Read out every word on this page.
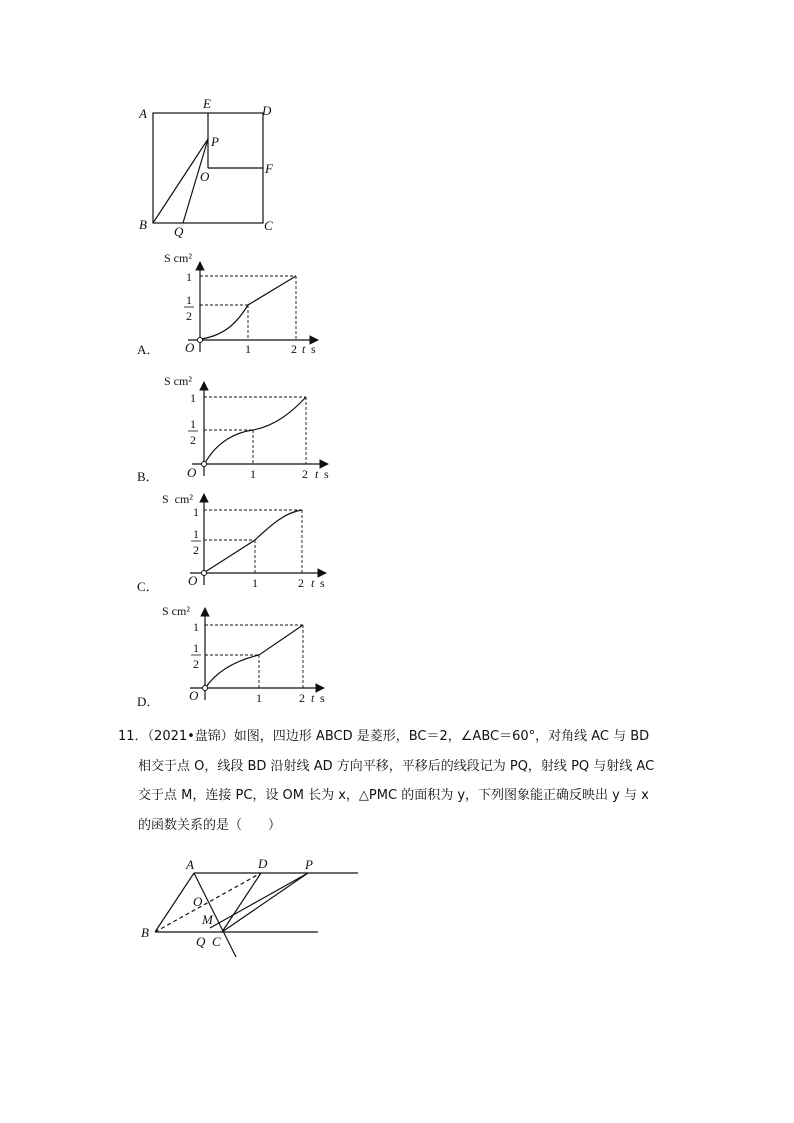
A
E	D
P
O
F
B Q	C
S cm²
1
1
2
O	1	2 t s
A．
S cm²
1
1
2
O	1	2 t s
B．
S  cm²
1
1
2
O	1	2 t s
C．
S cm²
1
1
2
O	1	2 t s
D．
A	D	P
O
M
B
Q C
11．（2021•盘锦）如图，四边形 ABCD 是菱形，BC＝2，∠ABC＝60°，对角线 AC 与 BD
相交于点 O，线段 BD 沿射线 AD 方向平移，平移后的线段记为 PQ，射线 PQ 与射线 AC
交于点 M，连接 PC，设 OM 长为 x，△PMC 的面积为 y，下列图象能正确反映出 y 与 x
的函数关系的是（　　）
